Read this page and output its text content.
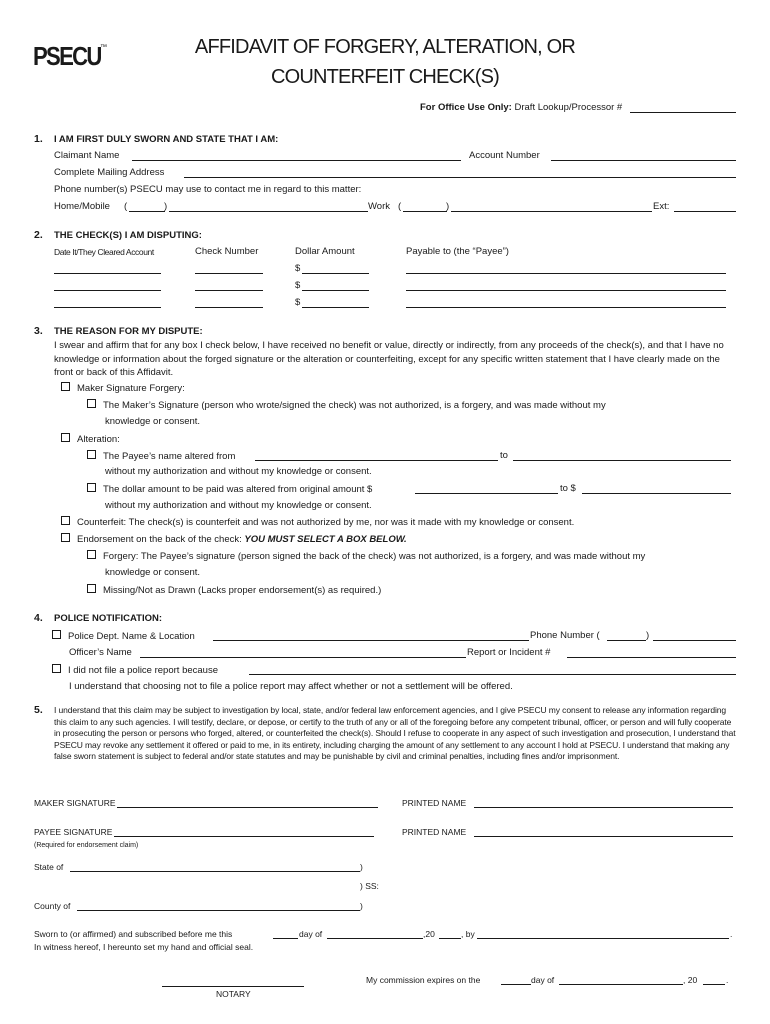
PSECU ™	AFFIDAVIT OF FORGERY, ALTERATION, OR
COUNTERFEIT CHECK(S)
For Office Use Only: Draft Lookup/Processor #
1. I AM FIRST DULY SWORN AND STATE THAT I AM:
Claimant Name	Account Number
Complete Mailing Address
Phone number(s) PSECU may use to contact me in regard to this matter:
Home/Mobile (	)	Work (	)	Ext:
2. THE CHECK(S) I AM DISPUTING:
Date It/They Cleared Account	Check Number	Dollar Amount	Payable to (the “Payee”)
$
$
$
3. THE REASON FOR MY DISPUTE:
I swear and affirm that for any box I check below, I have received no benefit or value, directly or indirectly, from any proceeds of the check(s), and that I have no knowledge or information about the forged signature or the alteration or counterfeiting, except for any specific written statement that I have clearly made on the front or back of this Affidavit.
Maker Signature Forgery:
The Maker’s Signature (person who wrote/signed the check) was not authorized, is a forgery, and was made without my
knowledge or consent.
Alteration:
The Payee’s name altered from	to
without my authorization and without my knowledge or consent.
The dollar amount to be paid was altered from original amount $	to $
without my authorization and without my knowledge or consent.
Counterfeit: The check(s) is counterfeit and was not authorized by me, nor was it made with my knowledge or consent.
Endorsement on the back of the check: YOU MUST SELECT A BOX BELOW.
Forgery: The Payee’s signature (person signed the back of the check) was not authorized, is a forgery, and was made without my
knowledge or consent.
Missing/Not as Drawn (Lacks proper endorsement(s) as required.)
4. POLICE NOTIFICATION:
Police Dept. Name & Location	Phone Number (	)
Officer’s Name	Report or Incident #
I did not file a police report because
I understand that choosing not to file a police report may affect whether or not a settlement will be offered.
5. I understand that this claim may be subject to investigation by local, state, and/or federal law enforcement agencies, and I give PSECU my consent to release any information regarding this claim to any such agencies. I will testify, declare, or depose, or certify to the truth of any or all of the foregoing before any competent tribunal, officer, or person and will fully cooperate in prosecuting the person or persons who forged, altered, or counterfeited the check(s). Should I refuse to cooperate in any aspect of such investigation and prosecution, I understand that PSECU may revoke any settlement it offered or paid to me, in its entirety, including charging the amount of any settlement to any account I hold at PSECU. I understand that making any false sworn statement is subject to federal and/or state statutes and may be punishable by civil and criminal penalties, including fines and/or imprisonment.
MAKER SIGNATURE	PRINTED NAME
PAYEE SIGNATURE	PRINTED NAME
(Required for endorsement claim)
State of	)
) SS:
County of	)
Sworn to (or affirmed) and subscribed before me this	day of	,20	, by	.
In witness hereof, I hereunto set my hand and official seal.
NOTARY
My commission expires on the	day of	, 20	.
